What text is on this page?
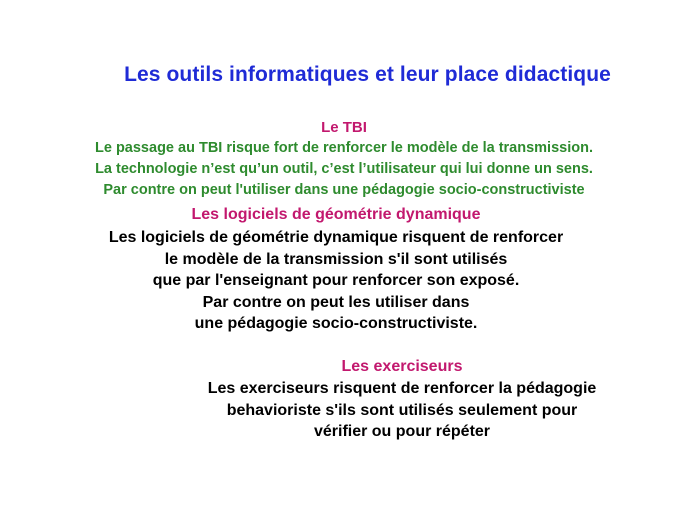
Les outils informatiques et leur place didactique
Le TBI
Le passage au TBI risque fort de renforcer le modèle de la transmission.
La technologie n’est qu’un outil, c’est l’utilisateur qui lui donne un sens.
Par contre on peut l'utiliser dans une pédagogie socio-constructiviste
Les logiciels de géométrie dynamique
Les logiciels de géométrie dynamique risquent de renforcer
le modèle de la transmission s'il sont utilisés
que par l'enseignant pour renforcer son exposé.
Par contre on peut les utiliser dans
une pédagogie socio-constructiviste.
Les exerciseurs
Les exerciseurs risquent de renforcer la pédagogie
behavioriste s'ils sont utilisés seulement pour
vérifier ou pour répéter
